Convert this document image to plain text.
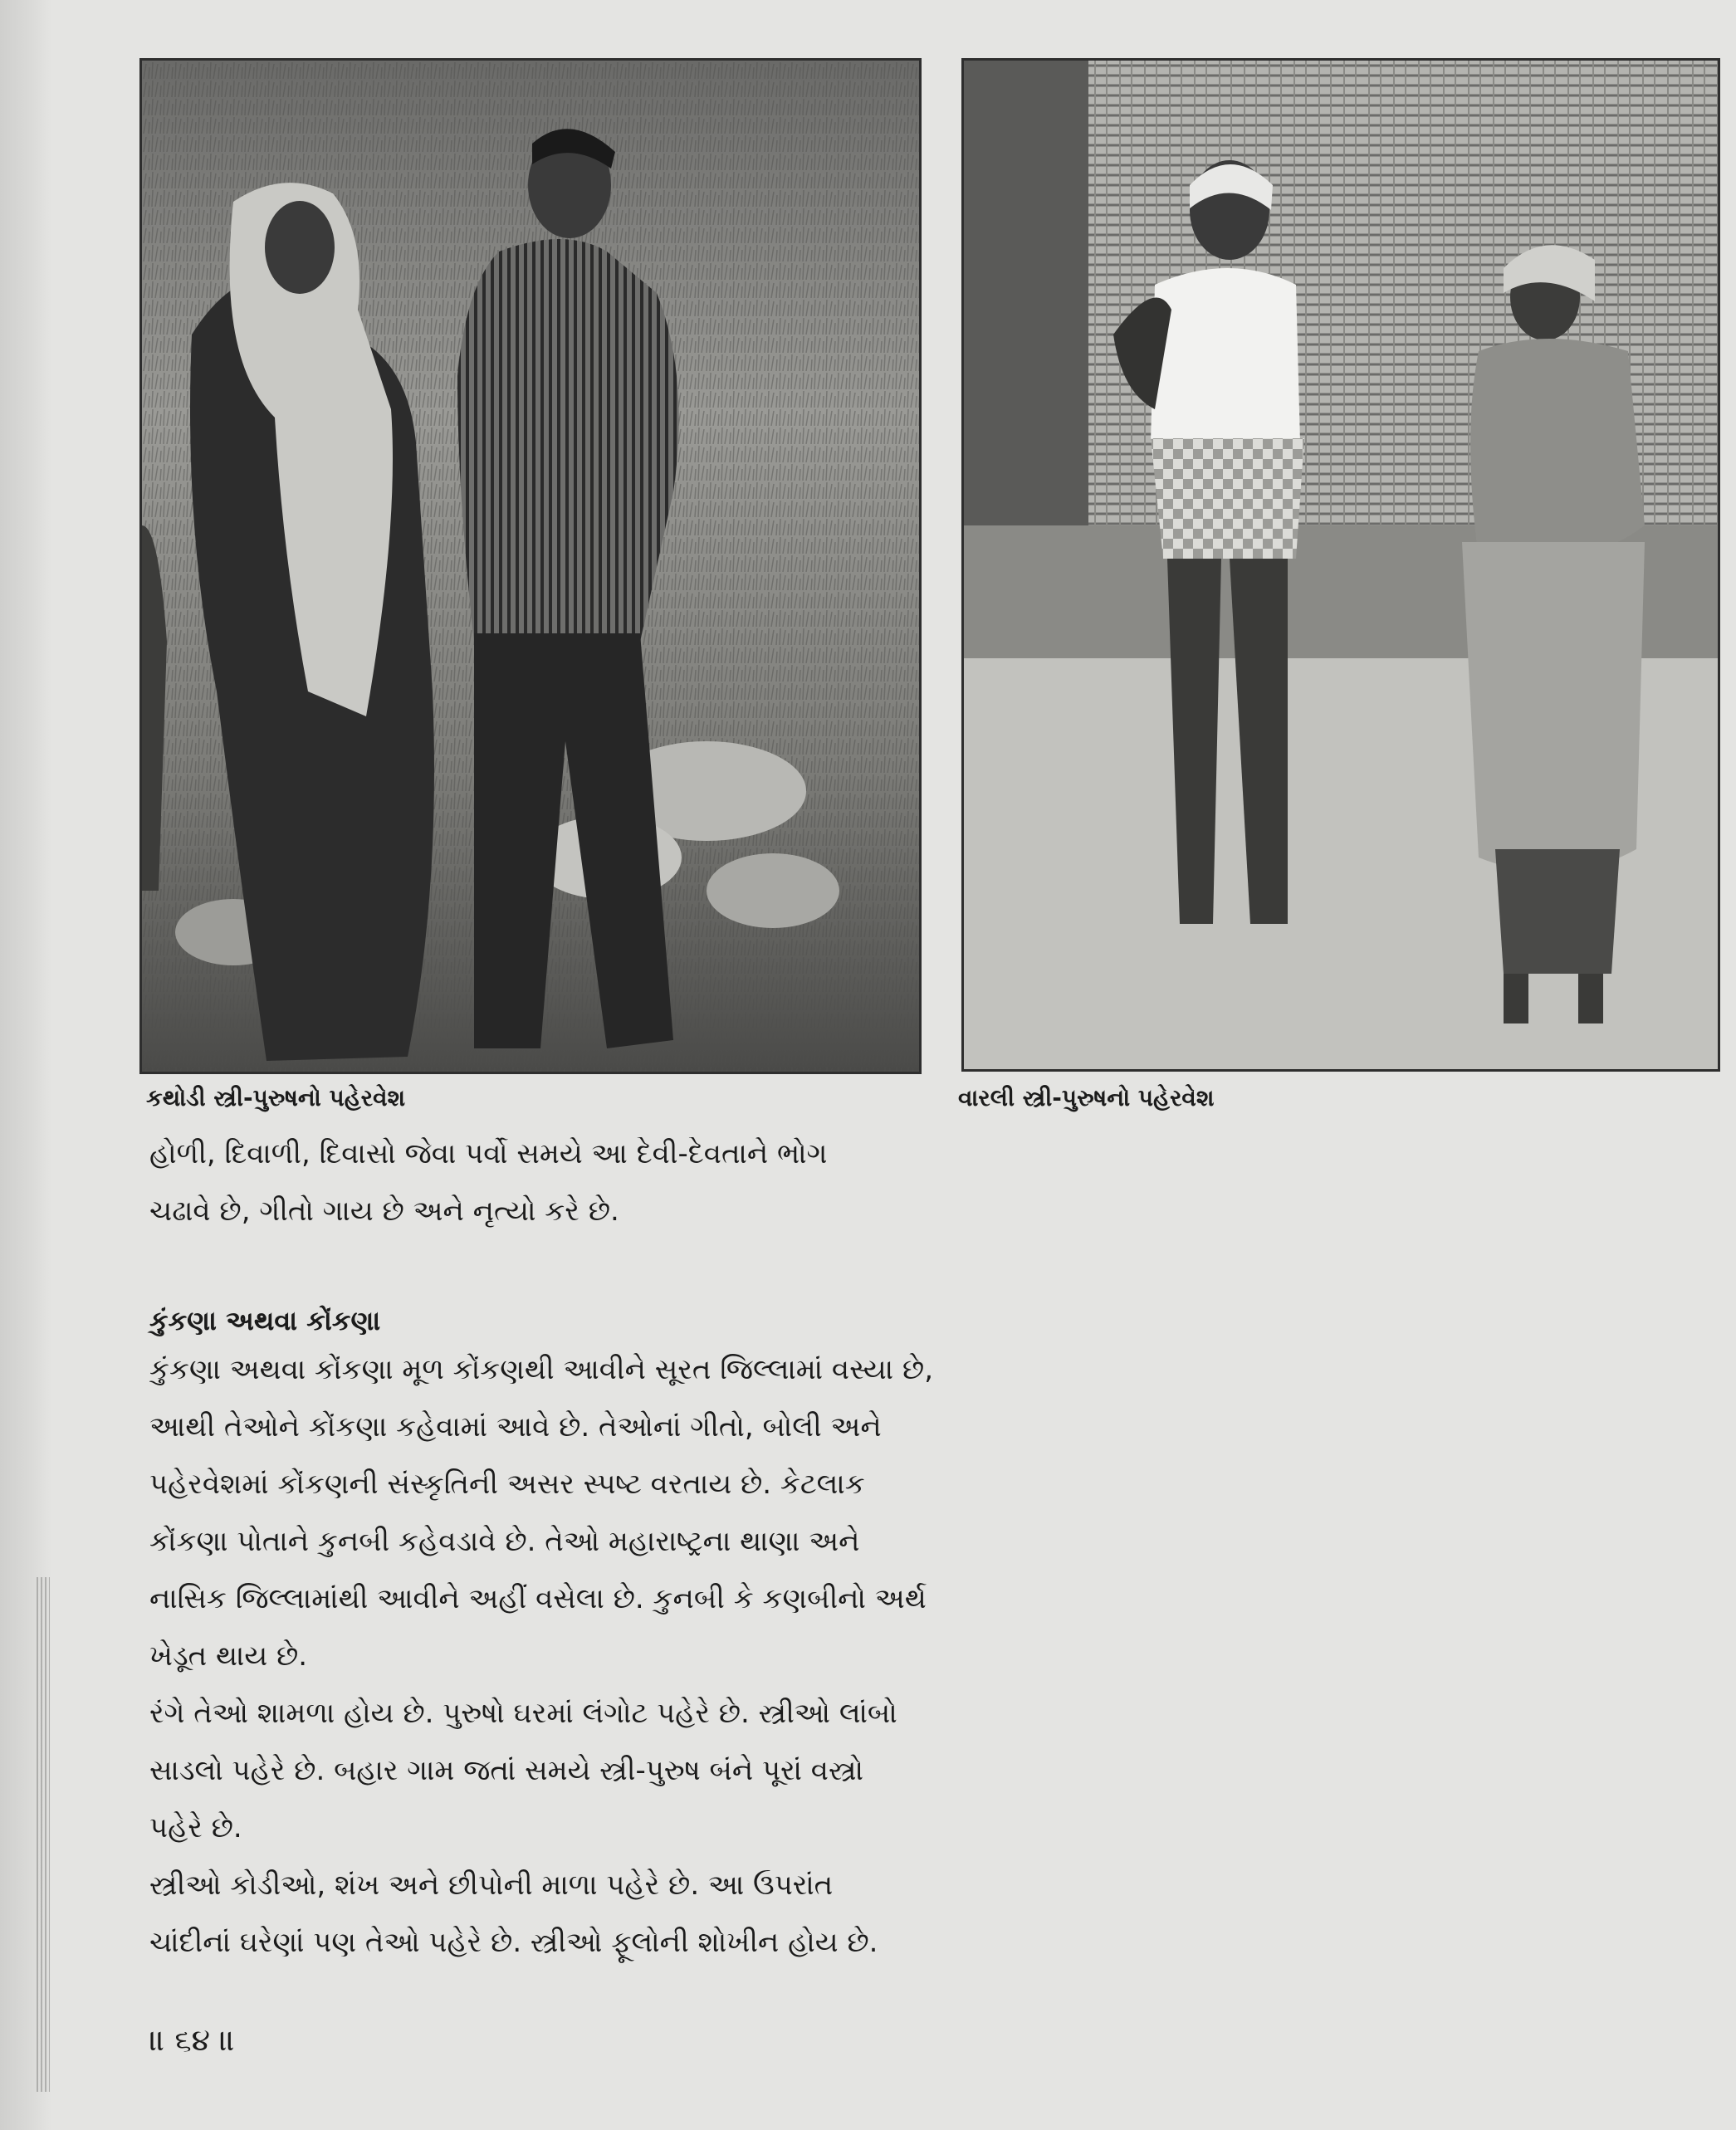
કથોડી સ્ત્રી-પુરુષનો પહેરવેશ	વારલી સ્ત્રી-પુરુષનો પહેરવેશ
હોળી, દિવાળી, દિવાસો જેવા પર્વો સમયે આ દેવી-દેવતાને ભોગ
ચઢાવે છે, ગીતો ગાય છે અને નૃત્યો કરે છે.
કુંકણા અથવા કોંકણા
કુંકણા અથવા કોંકણા મૂળ કોંકણથી આવીને સૂરત જિલ્લામાં વસ્યા છે,
આથી તેઓને કોંકણા કહેવામાં આવે છે. તેઓનાં ગીતો, બોલી અને
પહેરવેશમાં કોંકણની સંસ્કૃતિની અસર સ્પષ્ટ વરતાય છે. કેટલાક
કોંકણા પોતાને કુનબી કહેવડાવે છે. તેઓ મહારાષ્ટ્રના થાણા અને
નાસિક જિલ્લામાંથી આવીને અહીં વસેલા છે. કુનબી કે કણબીનો અર્થ
ખેડૂત થાય છે.
રંગે તેઓ શામળા હોય છે. પુરુષો ઘરમાં લંગોટ પહેરે છે. સ્ત્રીઓ લાંબો
સાડલો પહેરે છે. બહાર ગામ જતાં સમયે સ્ત્રી-પુરુષ બંને પૂરાં વસ્ત્રો
પહેરે છે.
સ્ત્રીઓ કોડીઓ, શંખ અને છીપોની માળા પહેરે છે. આ ઉપરાંત
ચાંદીનાં ઘરેણાં પણ તેઓ પહેરે છે. સ્ત્રીઓ ફૂલોની શોખીન હોય છે.
॥ ૬૪ ॥
